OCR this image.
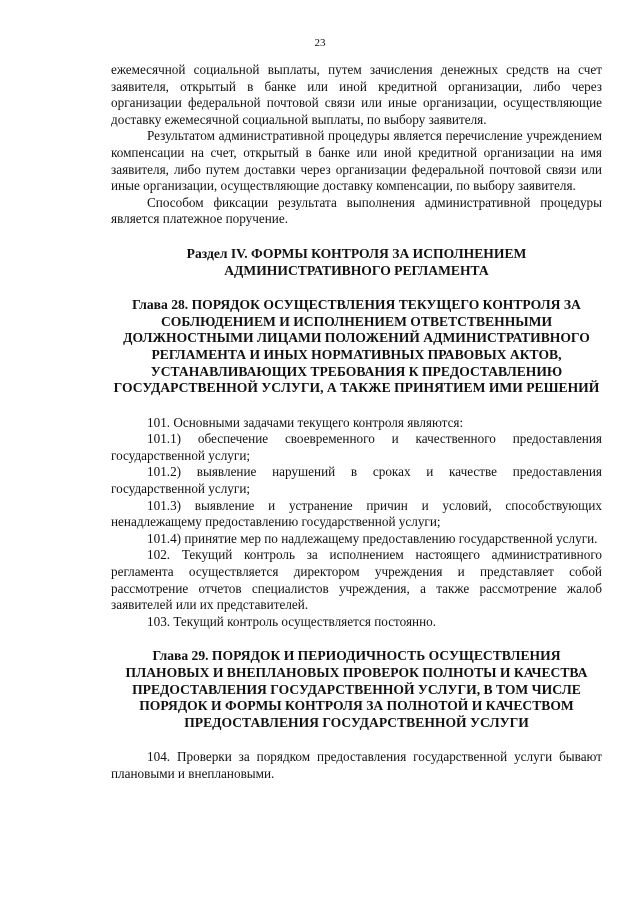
23

ежемесячной социальной выплаты, путем зачисления денежных средств на счет заявителя, открытый в банке или иной кредитной организации, либо через организации федеральной почтовой связи или иные организации, осуществляющие доставку ежемесячной социальной выплаты, по выбору заявителя.

Результатом административной процедуры является перечисление учреждением компенсации на счет, открытый в банке или иной кредитной организации на имя заявителя, либо путем доставки через организации федеральной почтовой связи или иные организации, осуществляющие доставку компенсации, по выбору заявителя.

Способом фиксации результата выполнения административной процедуры является платежное поручение.

Раздел IV. ФОРМЫ КОНТРОЛЯ ЗА ИСПОЛНЕНИЕМ АДМИНИСТРАТИВНОГО РЕГЛАМЕНТА
Глава 28. ПОРЯДОК ОСУЩЕСТВЛЕНИЯ ТЕКУЩЕГО КОНТРОЛЯ ЗА СОБЛЮДЕНИЕМ И ИСПОЛНЕНИЕМ ОТВЕТСТВЕННЫМИ ДОЛЖНОСТНЫМИ ЛИЦАМИ ПОЛОЖЕНИЙ АДМИНИСТРАТИВНОГО РЕГЛАМЕНТА И ИНЫХ НОРМАТИВНЫХ ПРАВОВЫХ АКТОВ, УСТАНАВЛИВАЮЩИХ ТРЕБОВАНИЯ К ПРЕДОСТАВЛЕНИЮ ГОСУДАРСТВЕННОЙ УСЛУГИ, А ТАКЖЕ ПРИНЯТИЕМ ИМИ РЕШЕНИЙ

101. Основными задачами текущего контроля являются:

101.1) обеспечение своевременного и качественного предоставления государственной услуги;

101.2) выявление нарушений в сроках и качестве предоставления государственной услуги;

101.3) выявление и устранение причин и условий, способствующих ненадлежащему предоставлению государственной услуги;

101.4) принятие мер по надлежащему предоставлению государственной услуги.

102. Текущий контроль за исполнением настоящего административного регламента осуществляется директором учреждения и представляет собой рассмотрение отчетов специалистов учреждения, а также рассмотрение жалоб заявителей или их представителей.

103. Текущий контроль осуществляется постоянно.

Глава 29. ПОРЯДОК И ПЕРИОДИЧНОСТЬ ОСУЩЕСТВЛЕНИЯ ПЛАНОВЫХ И ВНЕПЛАНОВЫХ ПРОВЕРОК ПОЛНОТЫ И КАЧЕСТВА ПРЕДОСТАВЛЕНИЯ ГОСУДАРСТВЕННОЙ УСЛУГИ, В ТОМ ЧИСЛЕ ПОРЯДОК И ФОРМЫ КОНТРОЛЯ ЗА ПОЛНОТОЙ И КАЧЕСТВОМ ПРЕДОСТАВЛЕНИЯ ГОСУДАРСТВЕННОЙ УСЛУГИ

104. Проверки за порядком предоставления государственной услуги бывают плановыми и внеплановыми.
